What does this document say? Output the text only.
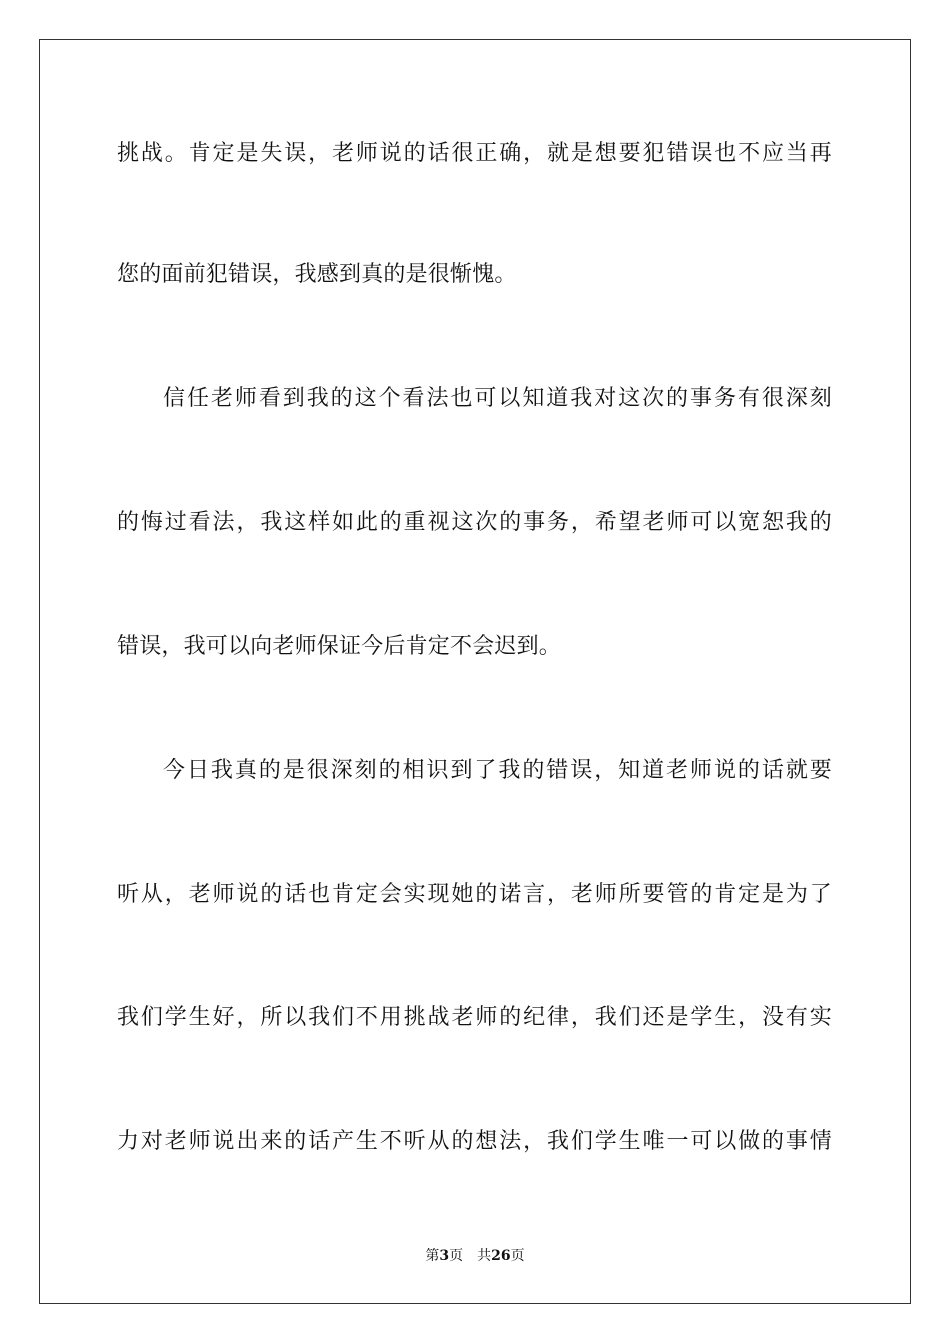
挑战。肯定是失误，老师说的话很正确，就是想要犯错误也不应当再
您的面前犯错误，我感到真的是很惭愧。
信任老师看到我的这个看法也可以知道我对这次的事务有很深刻
的悔过看法，我这样如此的重视这次的事务，希望老师可以宽恕我的
错误，我可以向老师保证今后肯定不会迟到。
今日我真的是很深刻的相识到了我的错误，知道老师说的话就要
听从，老师说的话也肯定会实现她的诺言，老师所要管的肯定是为了
我们学生好，所以我们不用挑战老师的纪律，我们还是学生，没有实
力对老师说出来的话产生不听从的想法，我们学生唯一可以做的事情
第3页 共26页
